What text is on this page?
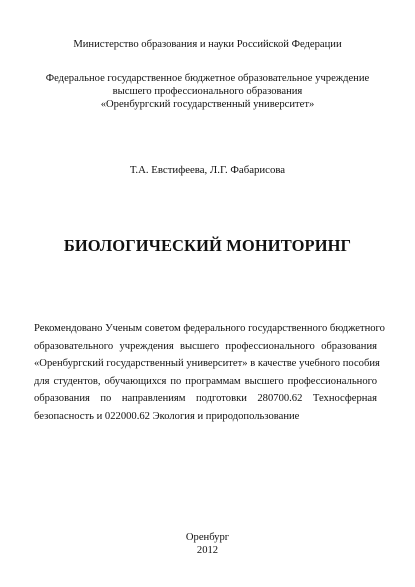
Министерство образования и науки Российской Федерации
Федеральное государственное бюджетное образовательное учреждение
высшего профессионального образования
«Оренбургский государственный университет»
Т.А. Евстифеева, Л.Г. Фабарисова
БИОЛОГИЧЕСКИЙ МОНИТОРИНГ
Рекомендовано Ученым советом федерального государственного бюджетного
образовательного учреждения высшего профессионального образования
«Оренбургский государственный университет» в качестве учебного пособия
для студентов, обучающихся по программам высшего профессионального
образования по направлениям подготовки 280700.62 Техносферная
безопасность и 022000.62 Экология и природопользование
Оренбург
2012
